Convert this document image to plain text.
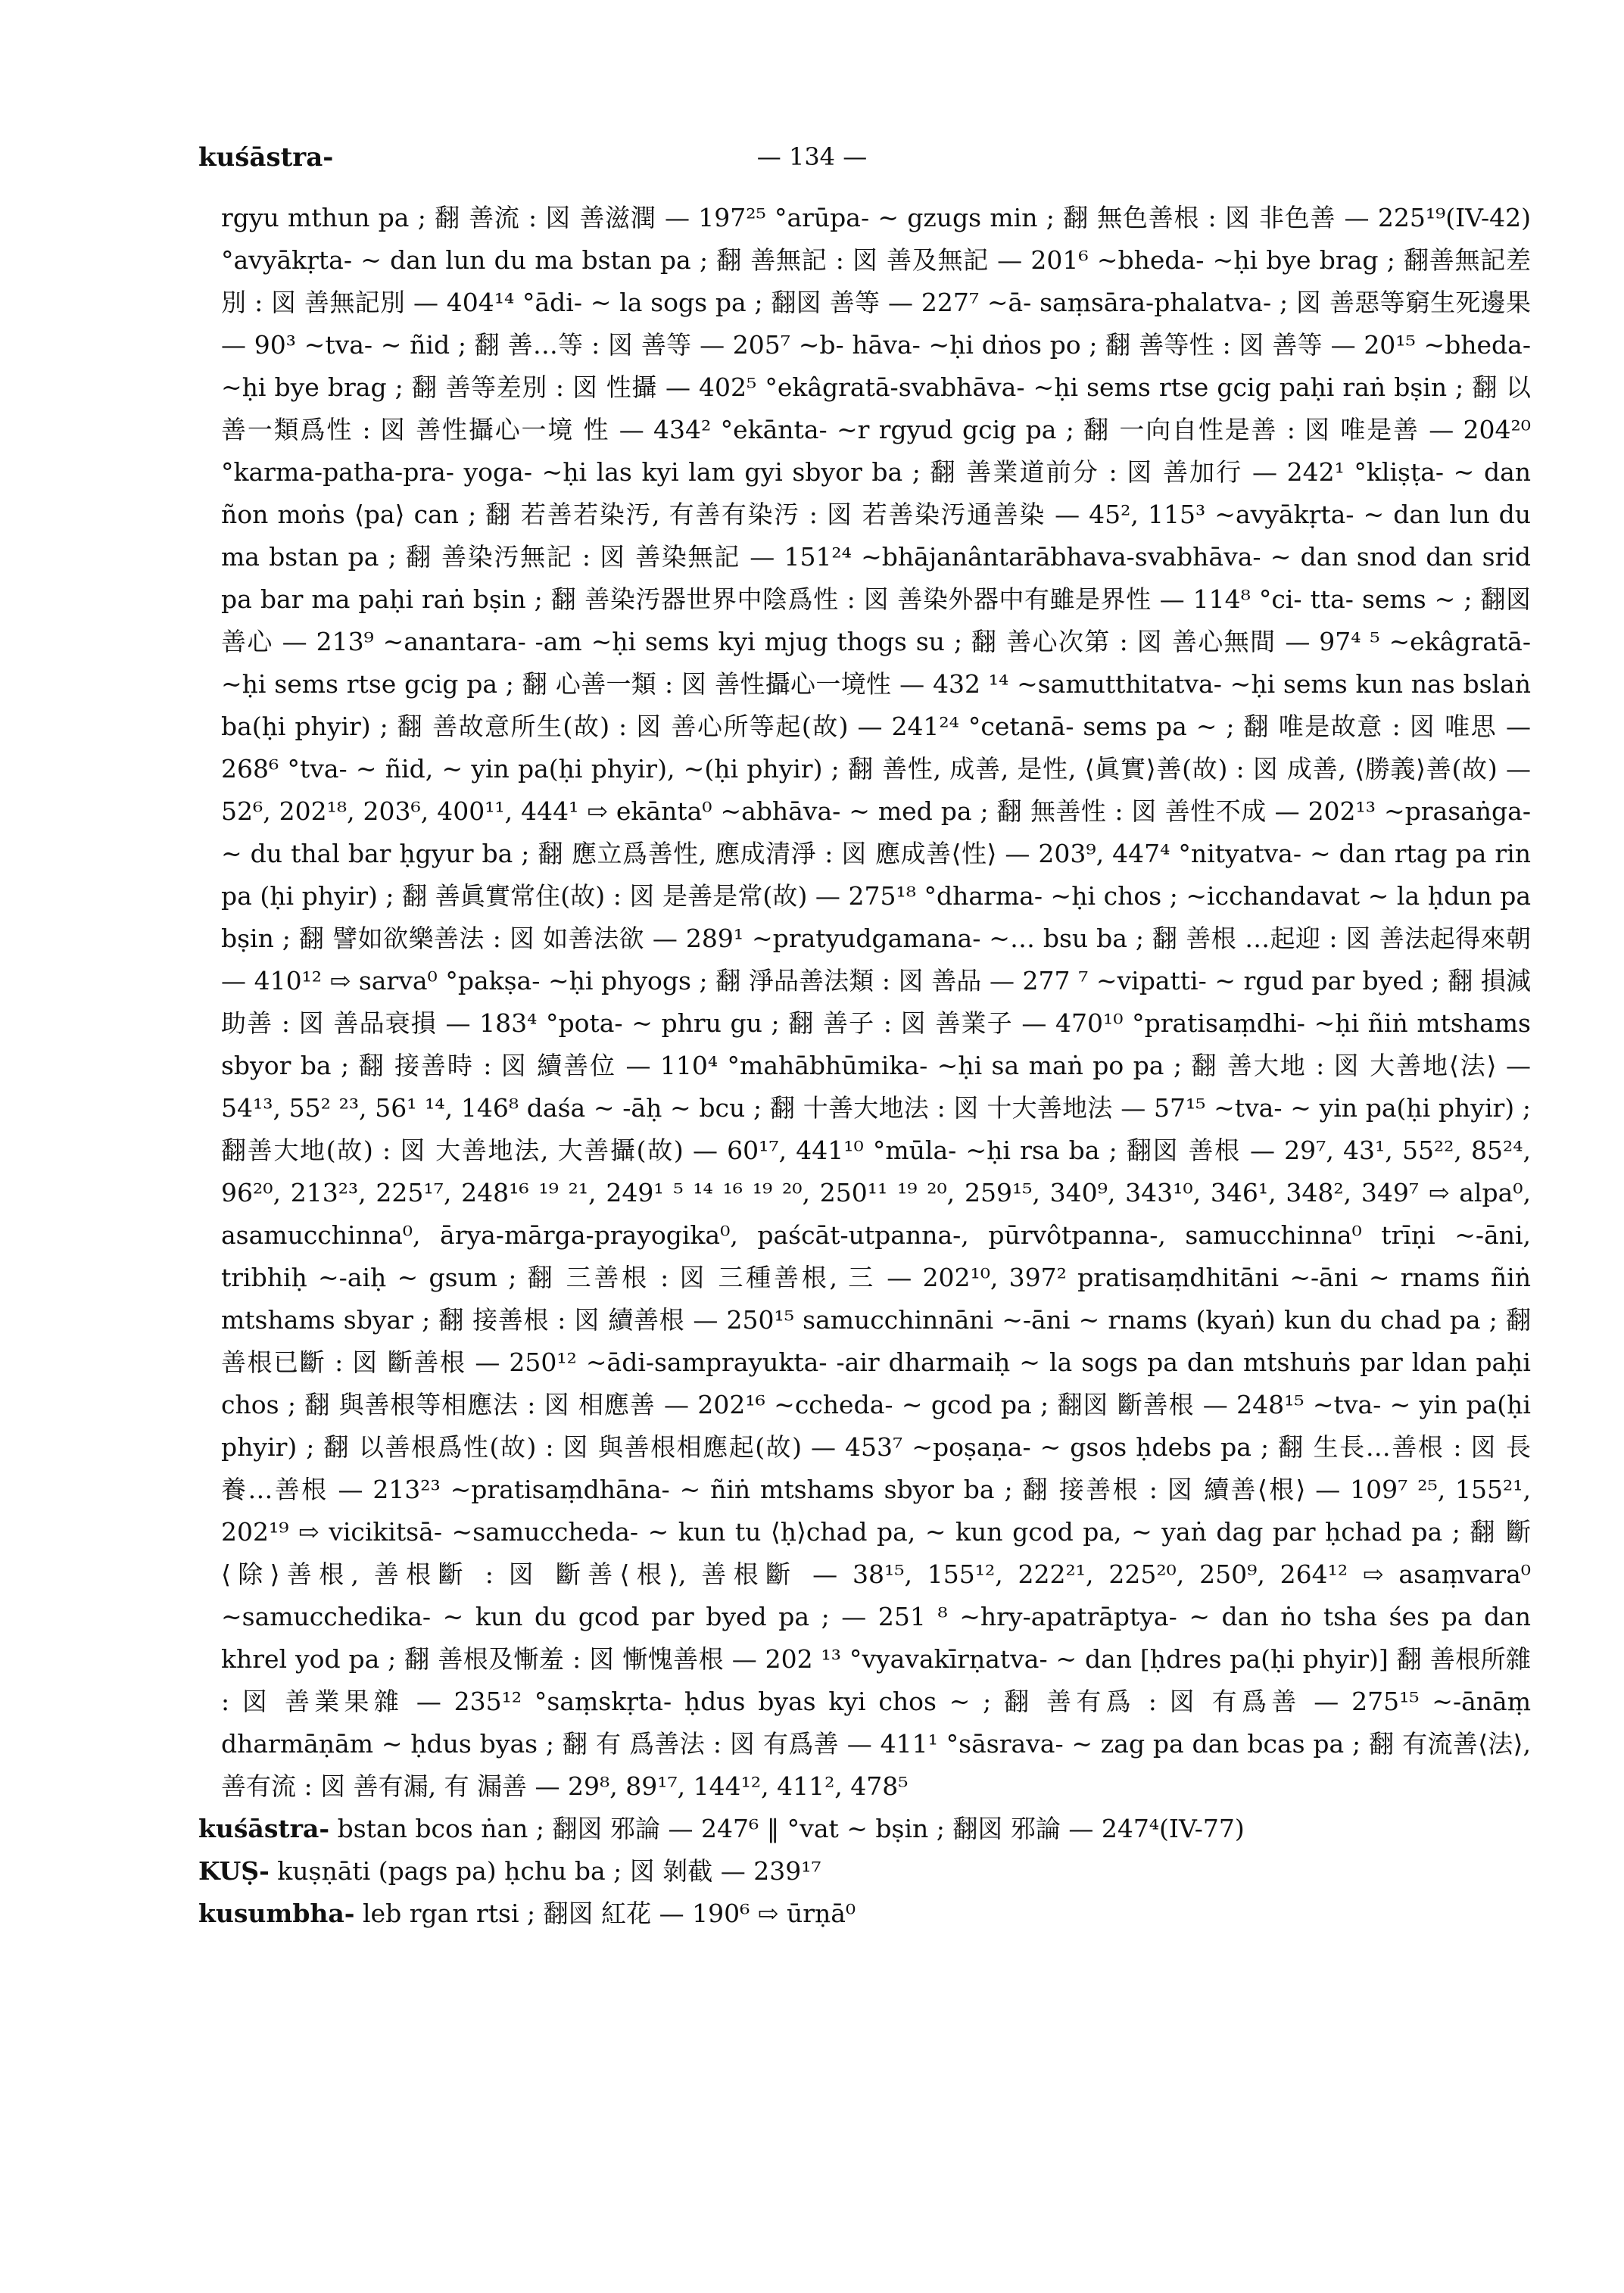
kuśāstra-	— 134 —

rgyu mthun pa ; 翻 善流 : 図 善滋潤 — 197²⁵ °arūpa- ~ gzugs min ; 翻 無色善根 : 図 非色善 — 225¹⁹(IV-42) °avyākṛta- ~ dan lun du ma bstan pa ; 翻 善無記 : 図 善及無記 — 201⁶ ~bheda- ~ḥi bye brag ; 翻善無記差別 : 図 善無記別 — 404¹⁴ °ādi- ~ la sogs pa ; 翻図 善等 — 227⁷ ~ā- saṃsāra-phalatva- ; 図 善惡等窮生死邊果 — 90³ ~tva- ~ ñid ; 翻 善…等 : 図 善等 — 205⁷ ~b- hāva- ~ḥi dṅos po ; 翻 善等性 : 図 善等 — 20¹⁵ ~bheda- ~ḥi bye brag ; 翻 善等差別 : 図 性攝 — 402⁵ °ekâgratā-svabhāva- ~ḥi sems rtse gcig paḥi raṅ bṣin ; 翻 以善一類爲性 : 図 善性攝心一境 性 — 434² °ekānta- ~r rgyud gcig pa ; 翻 一向自性是善 : 図 唯是善 — 204²⁰ °karma-patha-pra- yoga- ~ḥi las kyi lam gyi sbyor ba ; 翻 善業道前分 : 図 善加行 — 242¹ °kliṣṭa- ~ dan ñon moṅs ⟨pa⟩ can ; 翻 若善若染汚, 有善有染汚 : 図 若善染汚通善染 — 45², 115³ ~avyākṛta- ~ dan lun du ma bstan pa ; 翻 善染汚無記 : 図 善染無記 — 151²⁴ ~bhājanântarābhava-svabhāva- ~ dan snod dan srid pa bar ma paḥi raṅ bṣin ; 翻 善染汚器世界中陰爲性 : 図 善染外器中有雖是界性 — 114⁸ °ci- tta- sems ~ ; 翻図 善心 — 213⁹ ~anantara- -am ~ḥi sems kyi mjug thogs su ; 翻 善心次第 : 図 善心無間 — 97⁴ ⁵ ~ekâgratā- ~ḥi sems rtse gcig pa ; 翻 心善一類 : 図 善性攝心一境性 — 432 ¹⁴ ~samutthitatva- ~ḥi sems kun nas bslaṅ ba(ḥi phyir) ; 翻 善故意所生(故) : 図 善心所等起(故) — 241²⁴ °cetanā- sems pa ~ ; 翻 唯是故意 : 図 唯思 — 268⁶ °tva- ~ ñid, ~ yin pa(ḥi phyir), ~(ḥi phyir) ; 翻 善性, 成善, 是性, ⟨眞實⟩善(故) : 図 成善, ⟨勝義⟩善(故) — 52⁶, 202¹⁸, 203⁶, 400¹¹, 444¹ ⇨ ekānta⁰ ~abhāva- ~ med pa ; 翻 無善性 : 図 善性不成 — 202¹³ ~prasaṅga- ~ du thal bar ḥgyur ba ; 翻 應立爲善性, 應成清淨 : 図 應成善⟨性⟩ — 203⁹, 447⁴ °nityatva- ~ dan rtag pa rin pa (ḥi phyir) ; 翻 善眞實常住(故) : 図 是善是常(故) — 275¹⁸ °dharma- ~ḥi chos ; ~icchandavat ~ la ḥdun pa bṣin ; 翻 譬如欲樂善法 : 図 如善法欲 — 289¹ ~pratyudgamana- ~… bsu ba ; 翻 善根 …起迎 : 図 善法起得來朝 — 410¹² ⇨ sarva⁰ °pakṣa- ~ḥi phyogs ; 翻 淨品善法類 : 図 善品 — 277 ⁷ ~vipatti- ~ rgud par byed ; 翻 損減助善 : 図 善品衰損 — 183⁴ °pota- ~ phru gu ; 翻 善子 : 図 善業子 — 470¹⁰ °pratisaṃdhi- ~ḥi ñiṅ mtshams sbyor ba ; 翻 接善時 : 図 續善位 — 110⁴ °mahābhūmika- ~ḥi sa maṅ po pa ; 翻 善大地 : 図 大善地⟨法⟩ — 54¹³, 55² ²³, 56¹ ¹⁴, 146⁸ daśa ~ -āḥ ~ bcu ; 翻 十善大地法 : 図 十大善地法 — 57¹⁵ ~tva- ~ yin pa(ḥi phyir) ; 翻善大地(故) : 図 大善地法, 大善攝(故) — 60¹⁷, 441¹⁰ °mūla- ~ḥi rsa ba ; 翻図 善根 — 29⁷, 43¹, 55²², 85²⁴, 96²⁰, 213²³, 225¹⁷, 248¹⁶ ¹⁹ ²¹, 249¹ ⁵ ¹⁴ ¹⁶ ¹⁹ ²⁰, 250¹¹ ¹⁹ ²⁰, 259¹⁵, 340⁹, 343¹⁰, 346¹, 348², 349⁷ ⇨ alpa⁰, asamucchinna⁰, ārya-mārga-prayogika⁰, paścāt-utpanna-, pūrvôtpanna-, samucchinna⁰ trīṇi ~-āni, tribhiḥ ~-aiḥ ~ gsum ; 翻 三善根 : 図 三種善根, 三 — 202¹⁰, 397² pratisaṃdhitāni ~-āni ~ rnams ñiṅ mtshams sbyar ; 翻 接善根 : 図 續善根 — 250¹⁵ samucchinnāni ~-āni ~ rnams (kyaṅ) kun du chad pa ; 翻 善根已斷 : 図 斷善根 — 250¹² ~ādi-samprayukta- -air dharmaiḥ ~ la sogs pa dan mtshuṅs par ldan paḥi chos ; 翻 與善根等相應法 : 図 相應善 — 202¹⁶ ~ccheda- ~ gcod pa ; 翻図 斷善根 — 248¹⁵ ~tva- ~ yin pa(ḥi phyir) ; 翻 以善根爲性(故) : 図 與善根相應起(故) — 453⁷ ~poṣaṇa- ~ gsos ḥdebs pa ; 翻 生長…善根 : 図 長養…善根 — 213²³ ~pratisaṃdhāna- ~ ñiṅ mtshams sbyor ba ; 翻 接善根 : 図 續善⟨根⟩ — 109⁷ ²⁵, 155²¹, 202¹⁹ ⇨ vicikitsā- ~samuccheda- ~ kun tu ⟨ḥ⟩chad pa, ~ kun gcod pa, ~ yaṅ dag par ḥchad pa ; 翻 斷⟨除⟩善根, 善根斷 : 図 斷善⟨根⟩, 善根斷 — 38¹⁵, 155¹², 222²¹, 225²⁰, 250⁹, 264¹² ⇨ asaṃvara⁰ ~samucchedika- ~ kun du gcod par byed pa ; — 251 ⁸ ~hry-apatrāptya- ~ dan ṅo tsha śes pa dan khrel yod pa ; 翻 善根及慚羞 : 図 慚愧善根 — 202 ¹³ °vyavakīrṇatva- ~ dan [ḥdres pa(ḥi phyir)] 翻 善根所雜 : 図 善業果雜 — 235¹² °saṃskṛta- ḥdus byas kyi chos ~ ; 翻 善有爲 : 図 有爲善 — 275¹⁵ ~-ānāṃ dharmāṇām ~ ḥdus byas ; 翻 有 爲善法 : 図 有爲善 — 411¹ °sāsrava- ~ zag pa dan bcas pa ; 翻 有流善⟨法⟩, 善有流 : 図 善有漏, 有 漏善 — 29⁸, 89¹⁷, 144¹², 411², 478⁵

kuśāstra- bstan bcos ṅan ; 翻図 邪論 — 247⁶ ‖ °vat ~ bṣin ; 翻図 邪論 — 247⁴(IV-77)

KUṢ- kuṣṇāti (pags pa) ḥchu ba ; 図 剝截 — 239¹⁷

kusumbha- leb rgan rtsi ; 翻図 紅花 — 190⁶ ⇨ ūrṇā⁰
